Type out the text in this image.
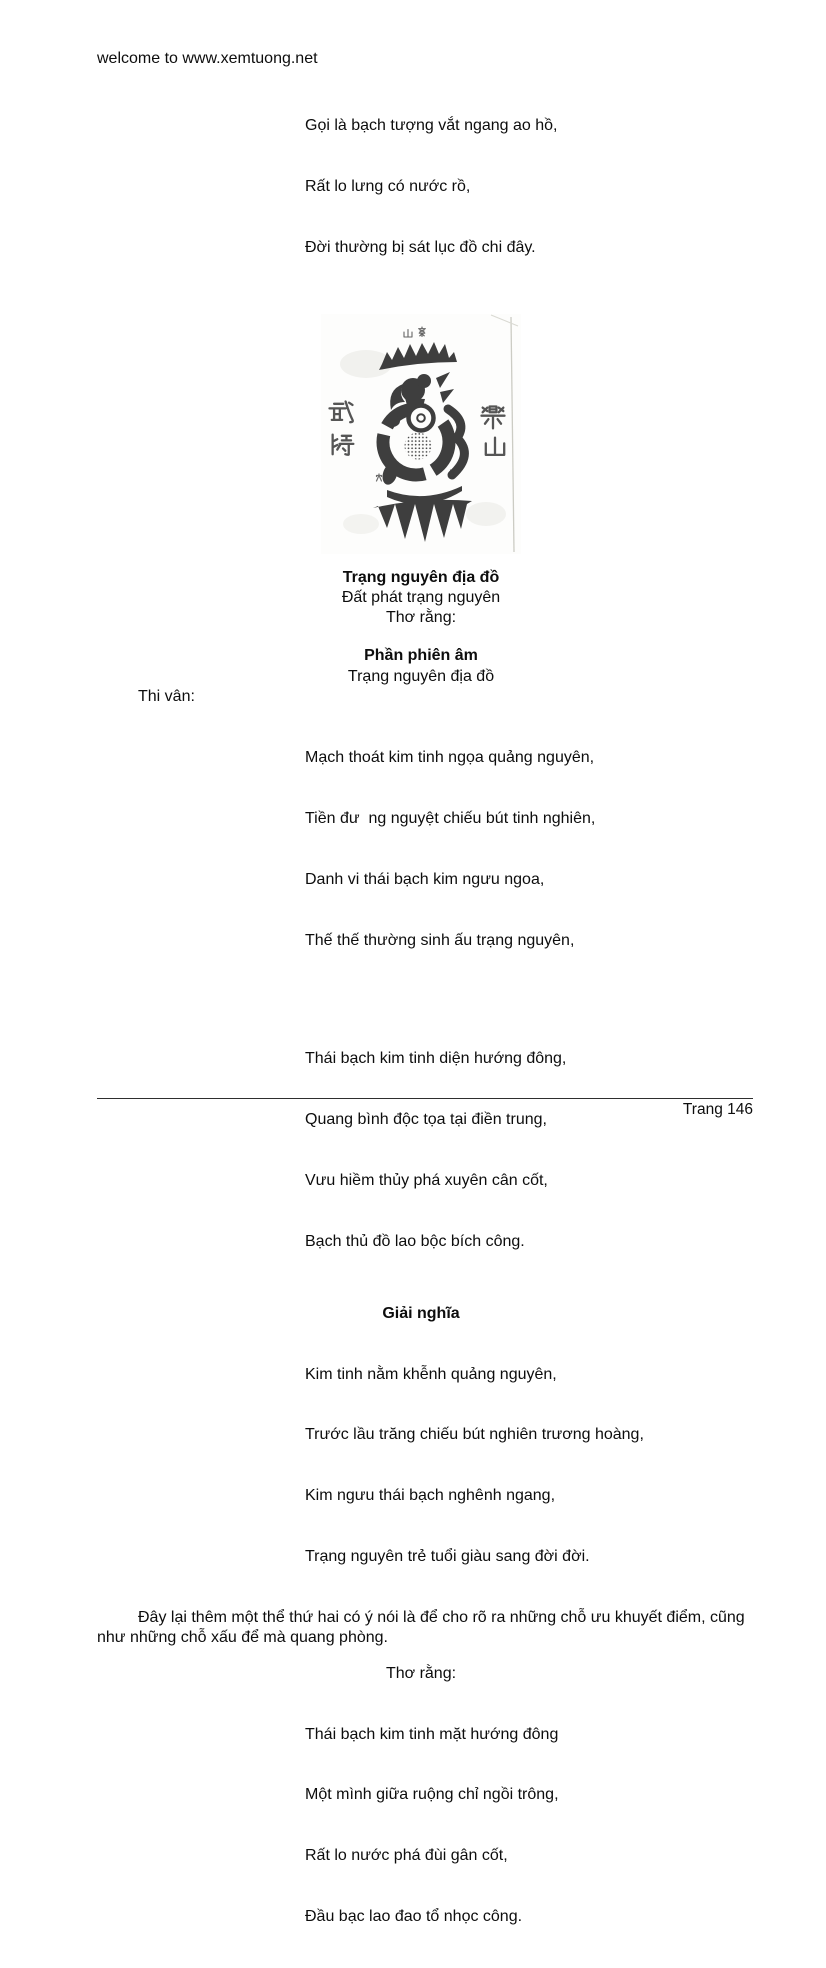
welcome to www.xemtuong.net

Gọi là bạch tượng vắt ngang ao hồ,

Rất lo lưng có nước rồ,

Đời thường bị sát lục đồ chi đây.

Trạng nguyên địa đồ
Đất phát trạng nguyên
Thơ rằng:
Phần phiên âm
Trạng nguyên địa đồ
Thi vân:

Mạch thoát kim tinh ngọa quảng nguyên,

Tiền đư  ng nguyệt chiếu bút tinh nghiên,

Danh vi thái bạch kim ngưu ngoa,

Thế thế thường sinh ấu trạng nguyên,

Thái bạch kim tinh diện hướng đông,

Quang bình độc tọa tại điền trung,

Vưu hiềm thủy phá xuyên cân cốt,

Bạch thủ đồ lao bộc bích công.

Giải nghĩa

Kim tinh nằm khễnh quảng nguyên,

Trước lầu trăng chiếu bút nghiên trương hoàng,

Kim ngưu thái bạch nghênh ngang,

Trạng nguyên trẻ tuổi giàu sang đời đời.

Đây lại thêm một thể thứ hai có ý nói là để cho rõ ra những chỗ ưu khuyết điểm, cũng như những chỗ xấu để mà quang phòng.
Thơ rằng:

Thái bạch kim tinh mặt hướng đông

Một mình giữa ruộng chỉ ngồi trông,

Rất lo nước phá đùi gân cốt,

Đầu bạc lao đao tổ nhọc công.

Trang 146
